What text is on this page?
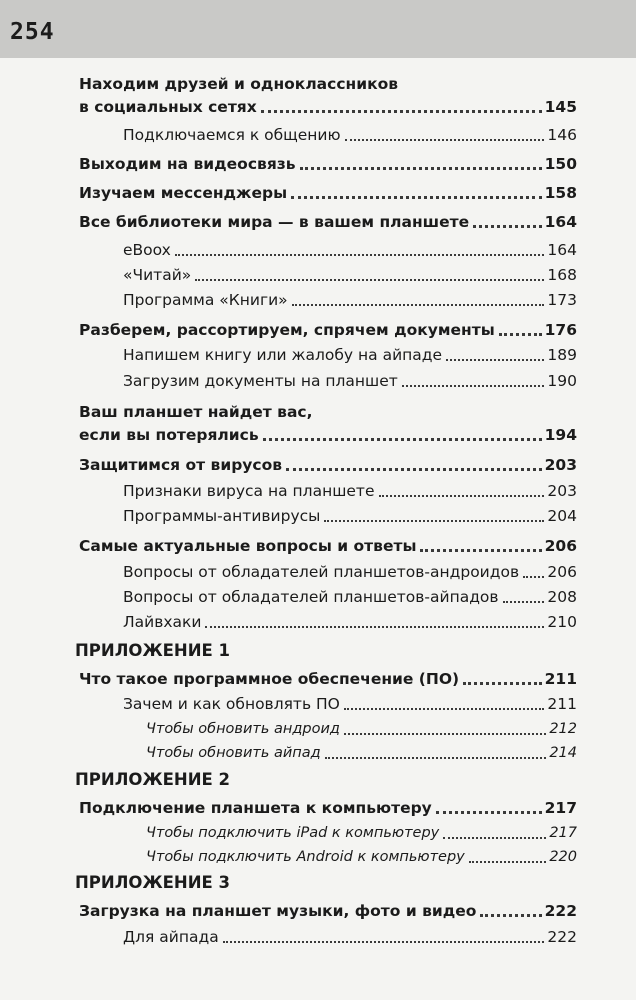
254
Находим друзей и одноклассников
в социальных сетях	145
Подключаемся к общению	146
Выходим на видеосвязь	150
Изучаем мессенджеры	158
Все библиотеки мира — в вашем планшете	164
eBoox	164
«Читай»	168
Программа «Книги»	173
Разберем, рассортируем, спрячем документы	176
Напишем книгу или жалобу на айпаде	189
Загрузим документы на планшет	190
Ваш планшет найдет вас,
если вы потерялись	194
Защитимся от вирусов	203
Признаки вируса на планшете	203
Программы-антивирусы	204
Самые актуальные вопросы и ответы	206
Вопросы от обладателей планшетов-андроидов 206
Вопросы от обладателей планшетов-айпадов	208
Лайвхаки	210
ПРИЛОЖЕНИЕ 1
Что такое программное обеспечение (ПО)	211
Зачем и как обновлять ПО	211
Чтобы обновить андроид	212
Чтобы обновить айпад	214
ПРИЛОЖЕНИЕ 2
Подключение планшета к компьютеру	217
Чтобы подключить iPad к компьютеру	217
Чтобы подключить Android к компьютеру	220
ПРИЛОЖЕНИЕ 3
Загрузка на планшет музыки, фото и видео	222
Для айпада	222
